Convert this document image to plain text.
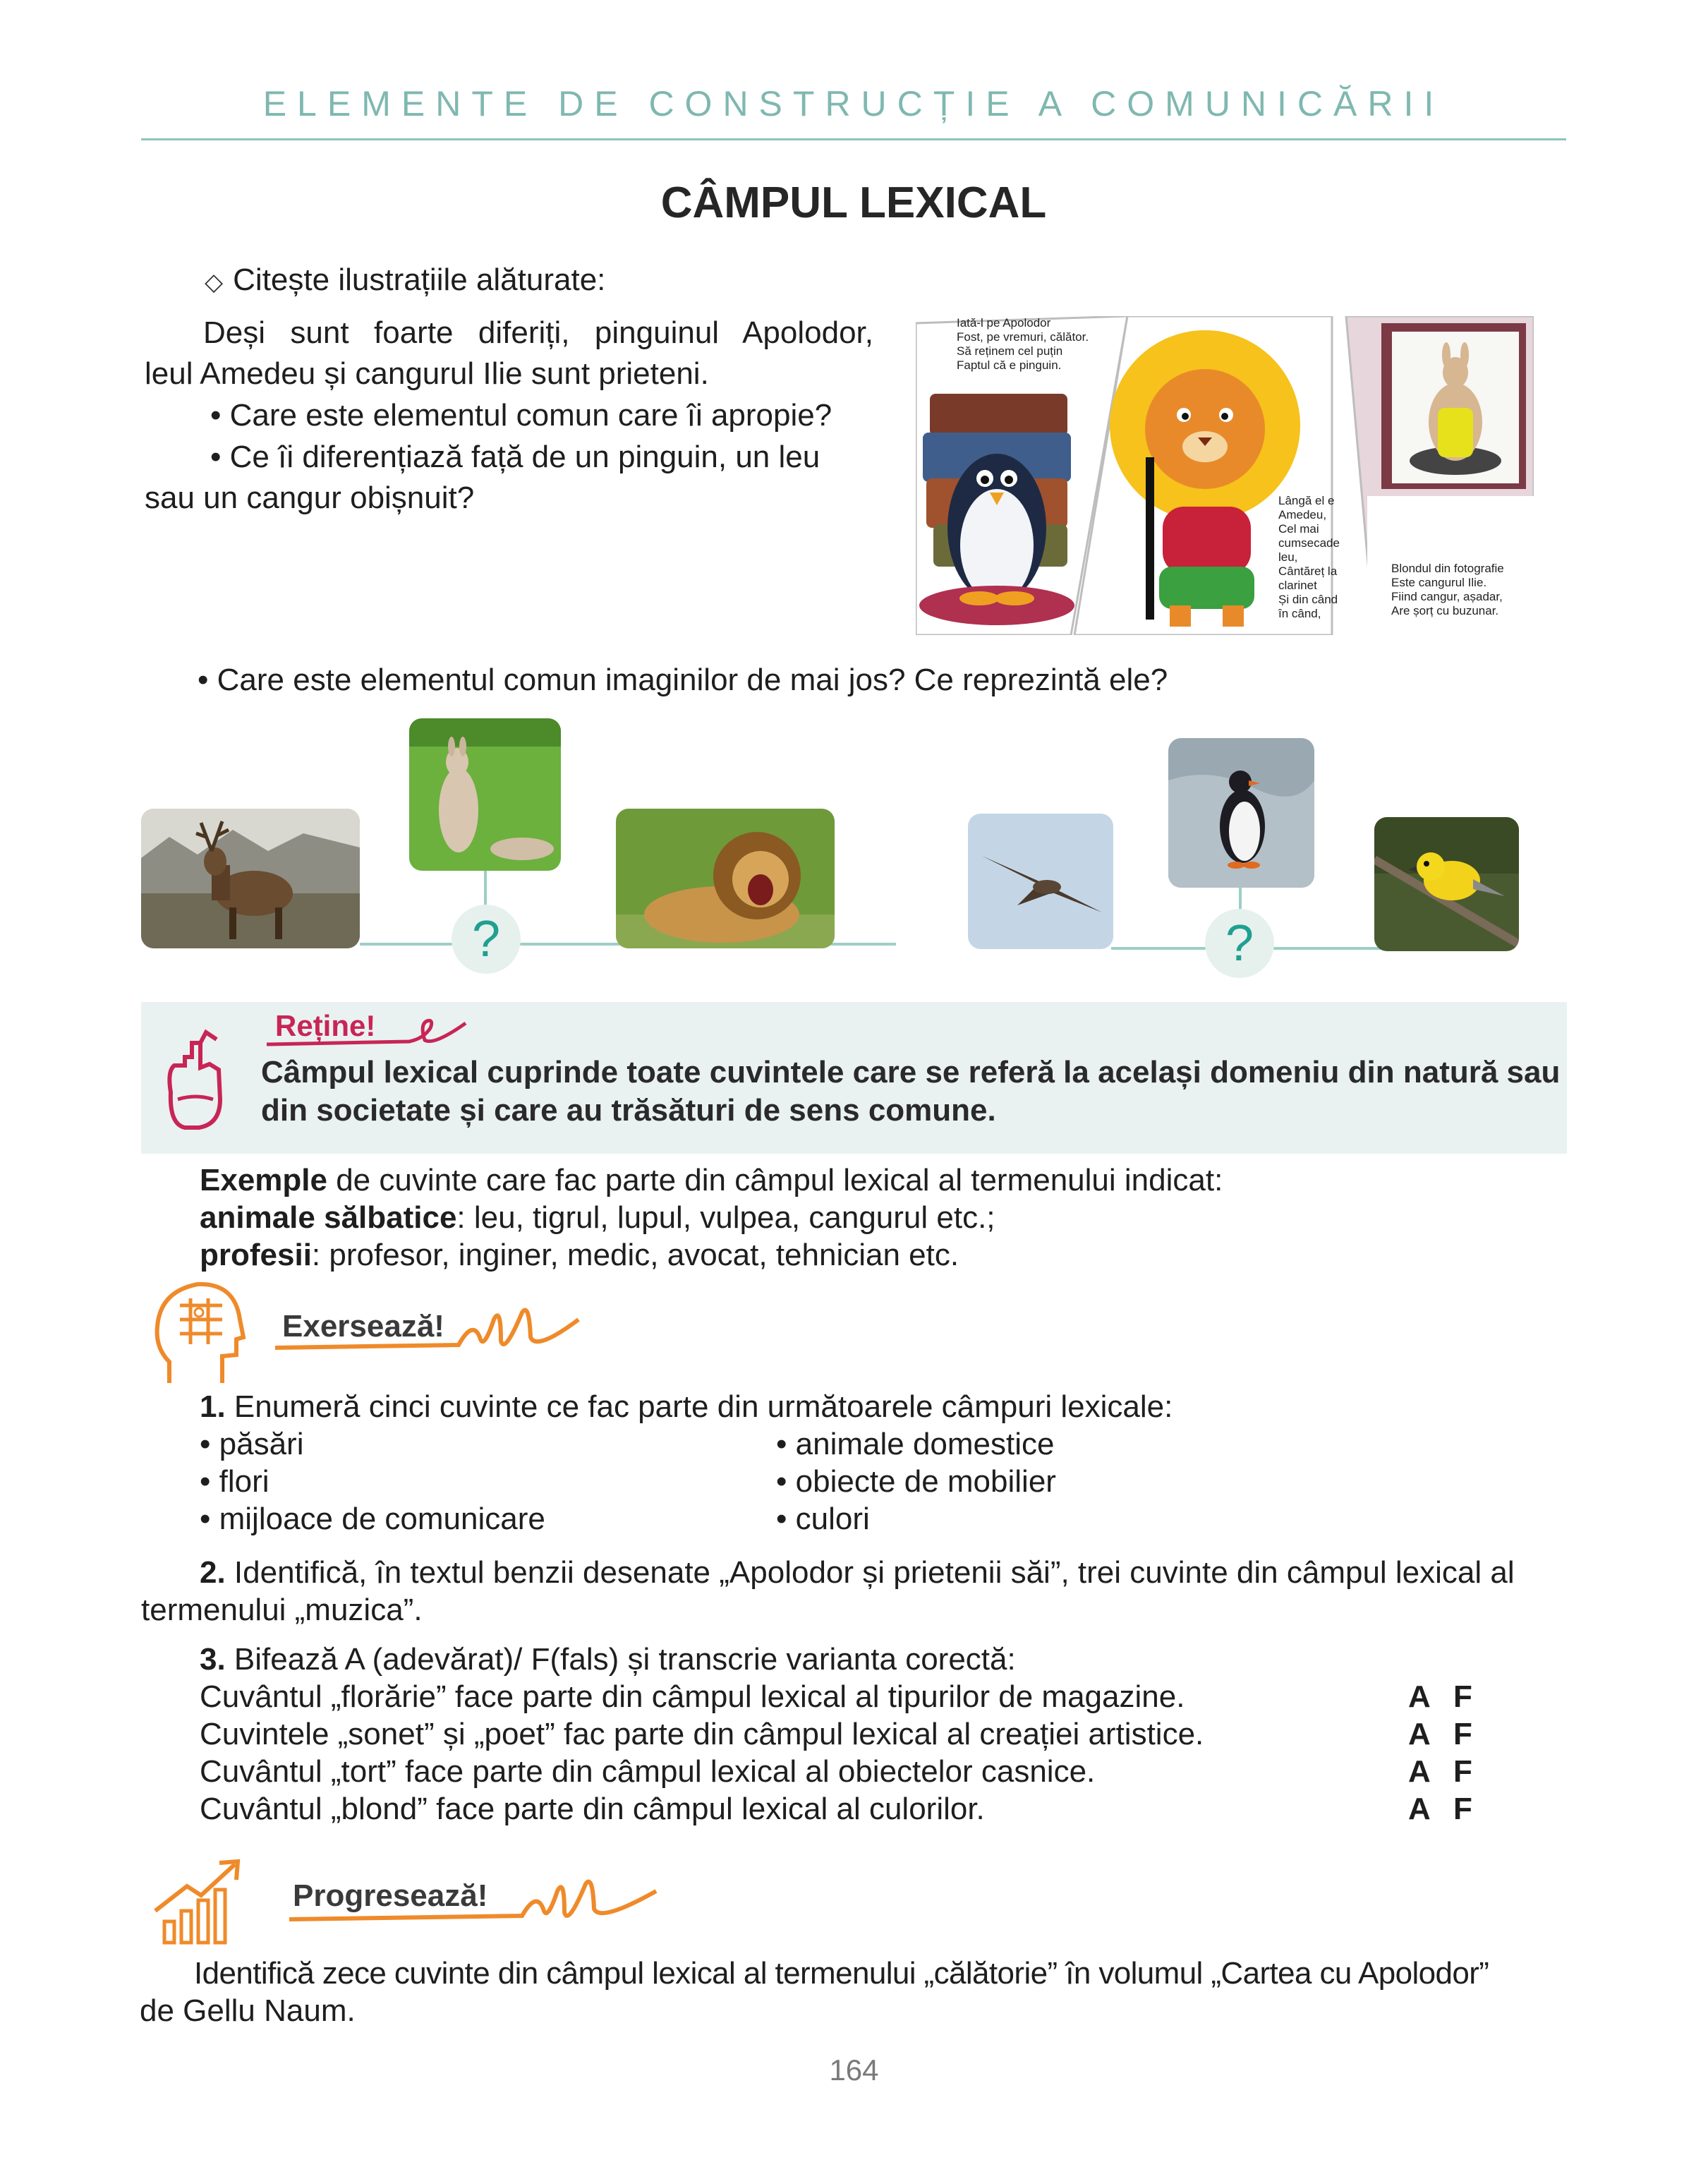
ELEMENTE DE CONSTRUCȚIE A COMUNICĂRII
CÂMPUL LEXICAL
◇ Citește ilustrațiile alăturate:
Deși sunt foarte diferiți, pinguinul Apolodor,
leul Amedeu și cangurul Ilie sunt prieteni.
• Care este elementul comun care îi apropie?
• Ce îi diferențiază față de un pinguin, un leu
sau un cangur obișnuit?
Iată-l pe Apolodor
Fost, pe vremuri, călător.
Să reținem cel puțin
Faptul că e pinguin.
Lângă el e
Amedeu,
Cel mai
cumsecade
leu,
Cântăreț la
clarinet
Și din când
în când,
Blondul din fotografie
Este cangurul Ilie.
Fiind cangur, așadar,
Are șorț cu buzunar.
• Care este elementul comun imaginilor de mai jos? Ce reprezintă ele?
?	?
Reține!
Câmpul lexical cuprinde toate cuvintele care se referă la același domeniu din natură sau
din societate și care au trăsături de sens comune.
Exemple de cuvinte care fac parte din câmpul lexical al termenului indicat:
animale sălbatice: leu, tigrul, lupul, vulpea, cangurul etc.;
profesii: profesor, inginer, medic, avocat, tehnician etc.
Exersează!
1. Enumeră cinci cuvinte ce fac parte din următoarele câmpuri lexicale:
• păsări
• flori
• mijloace de comunicare
• animale domestice
• obiecte de mobilier
• culori
2. Identifică, în textul benzii desenate „Apolodor și prietenii săi”, trei cuvinte din câmpul lexical al
termenului „muzica”.
3. Bifează A (adevărat)/ F(fals) și transcrie varianta corectă:
Cuvântul „florărie” face parte din câmpul lexical al tipurilor de magazine.
Cuvintele „sonet” și „poet” fac parte din câmpul lexical al creației artistice.
Cuvântul „tort” face parte din câmpul lexical al obiectelor casnice.
Cuvântul „blond” face parte din câmpul lexical al culorilor.
A F
A F
A F
A F
Progresează!
Identifică zece cuvinte din câmpul lexical al termenului „călătorie” în volumul „Cartea cu Apolodor”
de Gellu Naum.
164
